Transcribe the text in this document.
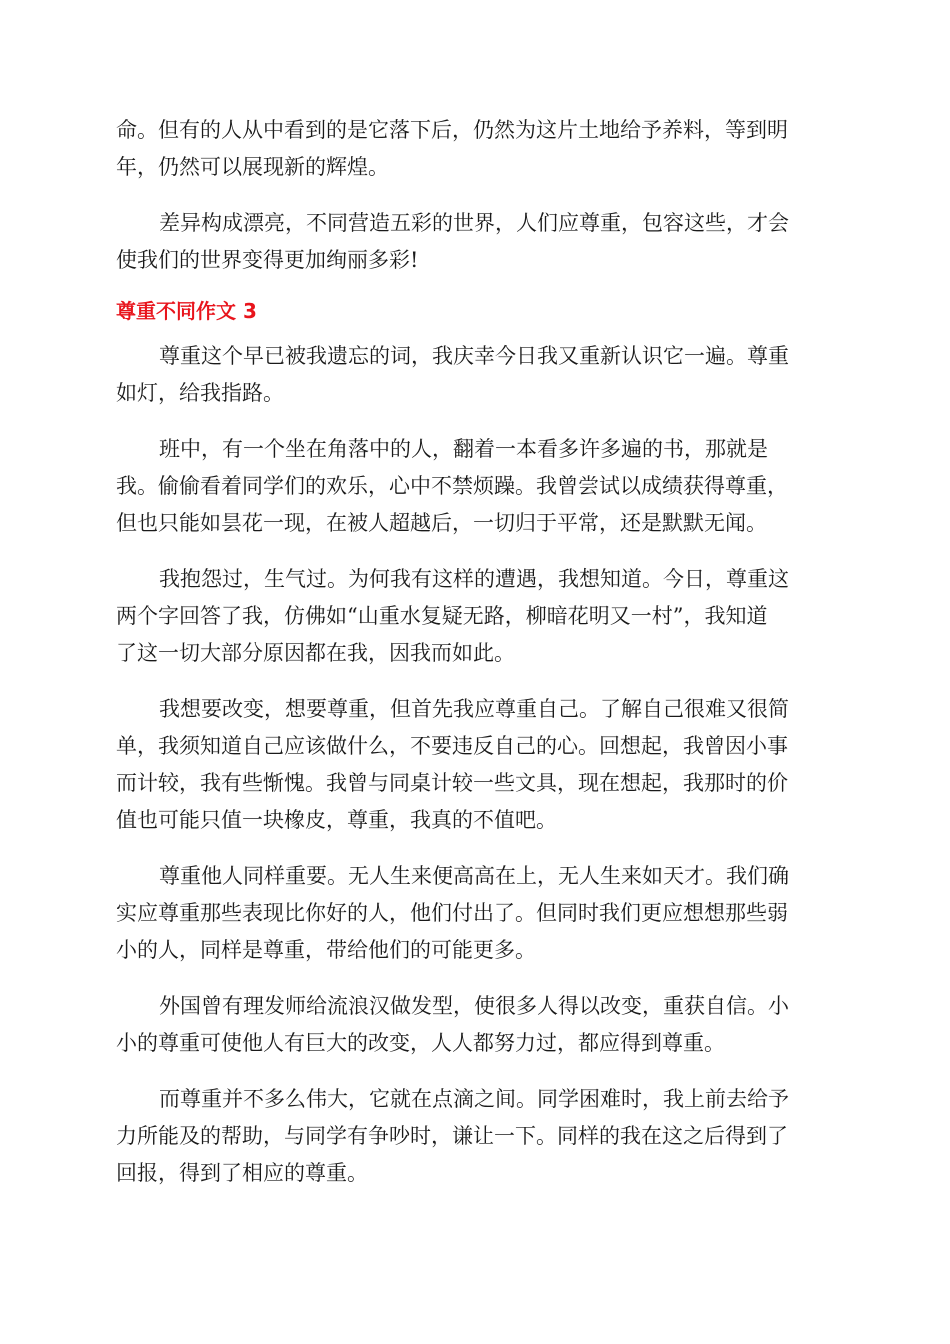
命。但有的人从中看到的是它落下后，仍然为这片土地给予养料，等到明
年，仍然可以展现新的辉煌。
差异构成漂亮，不同营造五彩的世界，人们应尊重，包容这些，才会
使我们的世界变得更加绚丽多彩!
尊重不同作文 3
尊重这个早已被我遗忘的词，我庆幸今日我又重新认识它一遍。尊重
如灯，给我指路。
班中，有一个坐在角落中的人，翻着一本看多许多遍的书，那就是
我。偷偷看着同学们的欢乐，心中不禁烦躁。我曾尝试以成绩获得尊重，
但也只能如昙花一现，在被人超越后，一切归于平常，还是默默无闻。
我抱怨过，生气过。为何我有这样的遭遇，我想知道。今日，尊重这
两个字回答了我，仿佛如“山重水复疑无路，柳暗花明又一村”，我知道
了这一切大部分原因都在我，因我而如此。
我想要改变，想要尊重，但首先我应尊重自己。了解自己很难又很简
单，我须知道自己应该做什么，不要违反自己的心。回想起，我曾因小事
而计较，我有些惭愧。我曾与同桌计较一些文具，现在想起，我那时的价
值也可能只值一块橡皮，尊重，我真的不值吧。
尊重他人同样重要。无人生来便高高在上，无人生来如天才。我们确
实应尊重那些表现比你好的人，他们付出了。但同时我们更应想想那些弱
小的人，同样是尊重，带给他们的可能更多。
外国曾有理发师给流浪汉做发型，使很多人得以改变，重获自信。小
小的尊重可使他人有巨大的改变，人人都努力过，都应得到尊重。
而尊重并不多么伟大，它就在点滴之间。同学困难时，我上前去给予
力所能及的帮助，与同学有争吵时，谦让一下。同样的我在这之后得到了
回报，得到了相应的尊重。
